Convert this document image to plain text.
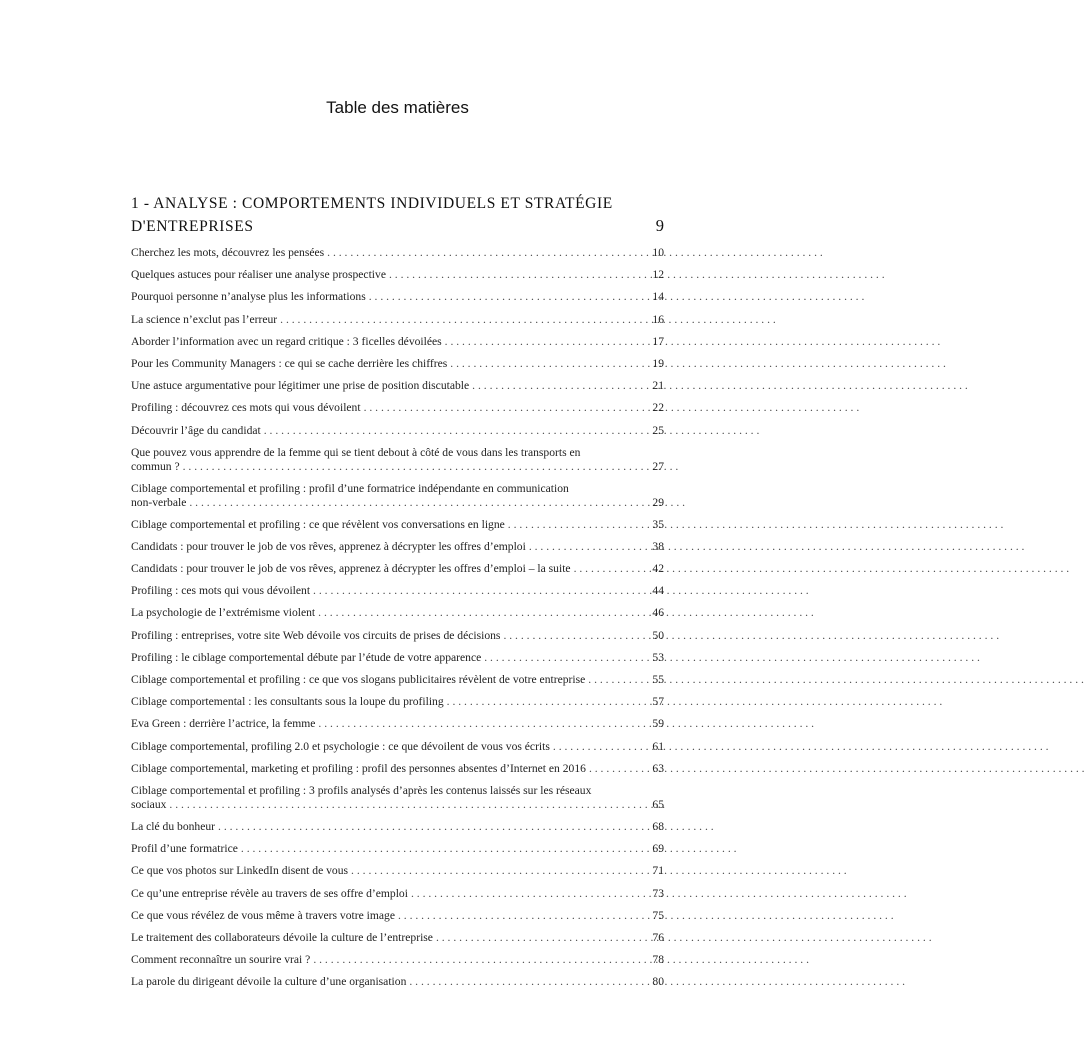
Table des matières
1 - ANALYSE : COMPORTEMENTS INDIVIDUELS ET STRATÉGIE
D'ENTREPRISES	9
Cherchez les mots, découvrez les pensées . . .	10
Quelques astuces pour réaliser une analyse prospective . . .	12
Pourquoi personne n’analyse plus les informations . . .	14
La science n’exclut pas l’erreur . . .	16
Aborder l’information avec un regard critique : 3 ficelles dévoilées . . .	17
Pour les Community Managers : ce qui se cache derrière les chiffres . . .	19
Une astuce argumentative pour légitimer une prise de position discutable . . .	21
Profiling : découvrez ces mots qui vous dévoilent . . .	22
Découvrir l’âge du candidat . . .	25
Que pouvez vous apprendre de la femme qui se tient debout à côté de vous dans les transports en
commun ? . . .	27
Ciblage comportemental et profiling : profil d’une formatrice indépendante en communication
non-verbale . . .	29
Ciblage comportemental et profiling : ce que révèlent vos conversations en ligne . . .	35
Candidats : pour trouver le job de vos rêves, apprenez à décrypter les offres d’emploi . . .	38
Candidats : pour trouver le job de vos rêves, apprenez à décrypter les offres d’emploi – la suite . . .	42
Profiling : ces mots qui vous dévoilent . . .	44
La psychologie de l’extrémisme violent . . .	46
Profiling : entreprises, votre site Web dévoile vos circuits de prises de décisions . . .	50
Profiling : le ciblage comportemental débute par l’étude de votre apparence . . .	53
Ciblage comportemental et profiling : ce que vos slogans publicitaires révèlent de votre entreprise . . .	55
Ciblage comportemental : les consultants sous la loupe du profiling . . .	57
Eva Green : derrière l’actrice, la femme . . .	59
Ciblage comportemental, profiling 2.0 et psychologie : ce que dévoilent de vous vos écrits . . .	61
Ciblage comportemental, marketing et profiling : profil des personnes absentes d’Internet en 2016 . . .	63
Ciblage comportemental et profiling : 3 profils analysés d’après les contenus laissés sur les réseaux
sociaux . . .	65
La clé du bonheur . . .	68
Profil d’une formatrice . . .	69
Ce que vos photos sur LinkedIn disent de vous . . .	71
Ce qu’une entreprise révèle au travers de ses offre d’emploi . . .	73
Ce que vous révélez de vous même à travers votre image . . .	75
Le traitement des collaborateurs dévoile la culture de l’entreprise . . .	76
Comment reconnaître un sourire vrai ? . . .	78
La parole du dirigeant dévoile la culture d’une organisation . . .	80
